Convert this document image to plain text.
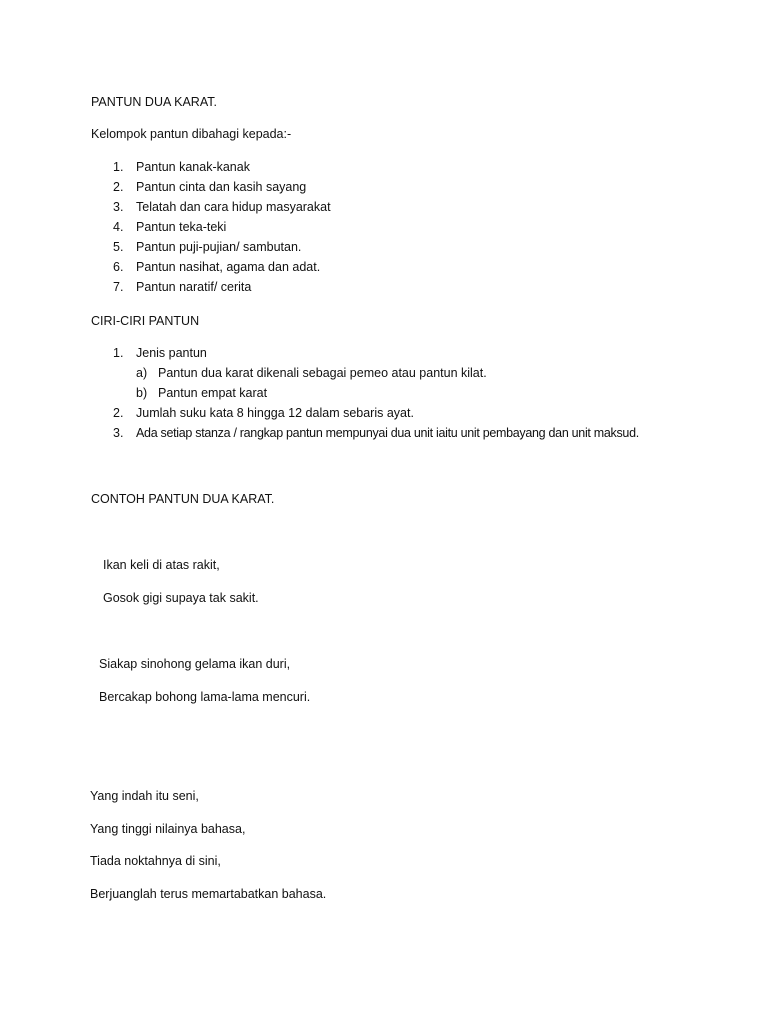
PANTUN DUA KARAT.
Kelompok pantun dibahagi kepada:-
1. Pantun kanak-kanak
2. Pantun cinta dan kasih sayang
3. Telatah dan cara hidup masyarakat
4. Pantun teka-teki
5. Pantun puji-pujian/ sambutan.
6. Pantun nasihat, agama dan adat.
7. Pantun naratif/ cerita
CIRI-CIRI PANTUN
1. Jenis pantun
a) Pantun dua karat dikenali sebagai pemeo atau pantun kilat.
b) Pantun empat karat
2. Jumlah suku kata 8 hingga 12 dalam sebaris ayat.
3. Ada setiap stanza / rangkap pantun mempunyai dua unit iaitu unit pembayang dan unit maksud.
CONTOH PANTUN DUA KARAT.
Ikan keli di atas rakit,
Gosok gigi supaya tak sakit.
Siakap sinohong gelama ikan duri,
Bercakap bohong lama-lama mencuri.
Yang indah itu seni,
Yang tinggi nilainya bahasa,
Tiada noktahnya di sini,
Berjuanglah terus memartabatkan bahasa.
